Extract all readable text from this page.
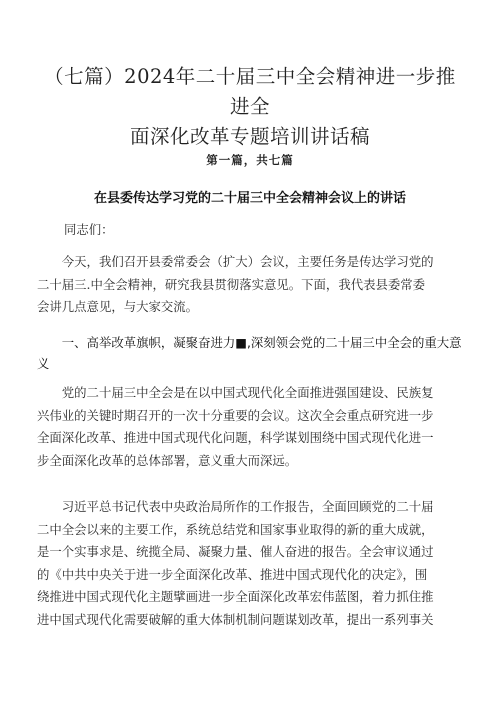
（七篇）2024年二十届三中全会精神进一步推进全
面深化改革专题培训讲话稿
第一篇，共七篇
在县委传达学习党的二十届三中全会精神会议上的讲话
同志们：
　　今天，我们召开县委常委会（扩大）会议，主要任务是传达学习党的
二十届三.中全会精神，研究我县贯彻落实意见。下面，我代表县委常委
会讲几点意见，与大家交流。
　　一、高举改革旗帜，凝聚奋进力■,深刻领会党的二十届三中全会的重大意
义
　　党的二十届三中全会是在以中国式现代化全面推进强国建设、民族复
兴伟业的关键时期召开的一次十分重要的会议。这次全会重点研究进一步
全面深化改革、推进中国式现代化问题，科学谋划围绕中国式现代化进一
步全面深化改革的总体部署，意义重大而深远。
　　习近平总书记代表中央政治局所作的工作报告，全面回顾党的二十届
二中全会以来的主要工作，系统总结党和国家事业取得的新的重大成就，
是一个实事求是、统揽全局、凝聚力量、催人奋进的报告。全会审议通过
的《中共中央关于进一步全面深化改革、推进中国式现代化的决定》，围
绕推进中国式现代化主题擘画进一步全面深化改革宏伟蓝图，着力抓住推
进中国式现代化需要破解的重大体制机制问题谋划改革，提出一系列事关
